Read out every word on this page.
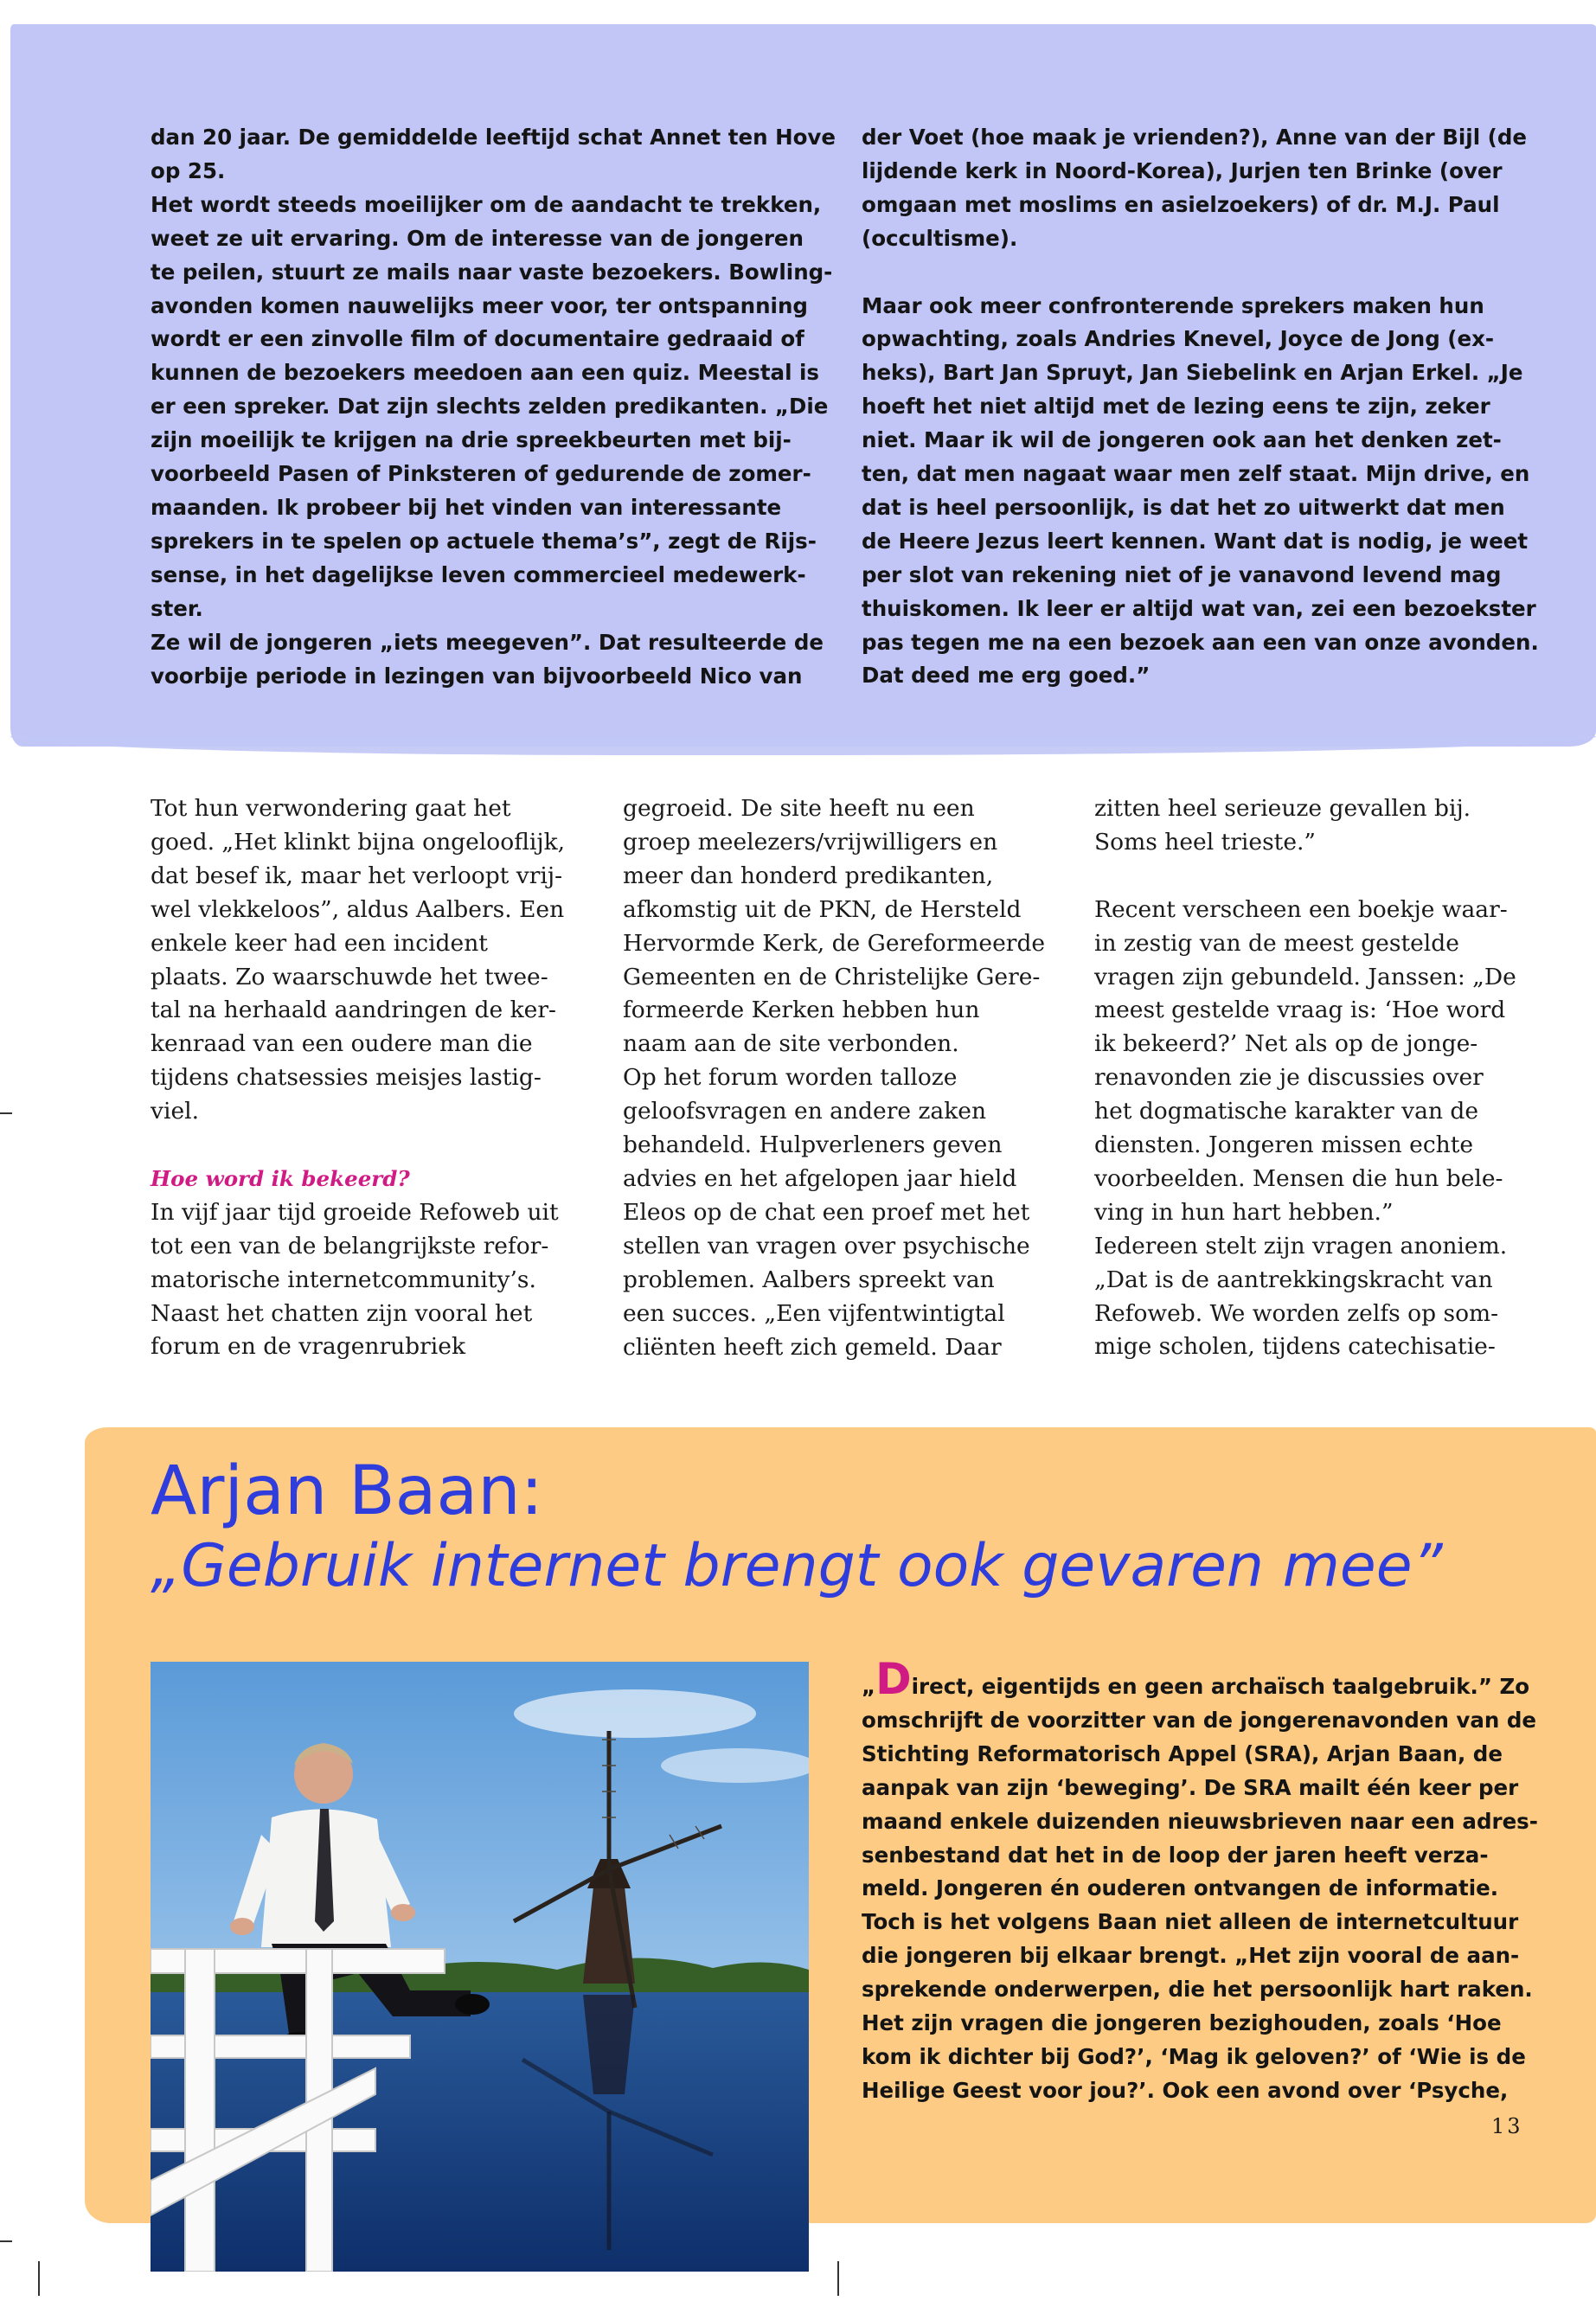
dan 20 jaar. De gemiddelde leeftijd schat Annet ten Hove

op 25.

Het wordt steeds moeilijker om de aandacht te trekken,

weet ze uit ervaring. Om de interesse van de jongeren

te peilen, stuurt ze mails naar vaste bezoekers. Bowling-

avonden komen nauwelijks meer voor, ter ontspanning

wordt er een zinvolle film of documentaire gedraaid of

kunnen de bezoekers meedoen aan een quiz. Meestal is

er een spreker. Dat zijn slechts zelden predikanten. „Die

zijn moeilijk te krijgen na drie spreekbeurten met bij-

voorbeeld Pasen of Pinksteren of gedurende de zomer-

maanden. Ik probeer bij het vinden van interessante

sprekers in te spelen op actuele thema’s”, zegt de Rijs-

sense, in het dagelijkse leven commercieel medewerk-

ster.

Ze wil de jongeren „iets meegeven”. Dat resulteerde de

voorbije periode in lezingen van bijvoorbeeld Nico van

der Voet (hoe maak je vrienden?), Anne van der Bijl (de

lijdende kerk in Noord-Korea), Jurjen ten Brinke (over

omgaan met moslims en asielzoekers) of dr. M.J. Paul

(occultisme).

Maar ook meer confronterende sprekers maken hun

opwachting, zoals Andries Knevel, Joyce de Jong (ex-

heks), Bart Jan Spruyt, Jan Siebelink en Arjan Erkel. „Je

hoeft het niet altijd met de lezing eens te zijn, zeker

niet. Maar ik wil de jongeren ook aan het denken zet-

ten, dat men nagaat waar men zelf staat. Mijn drive, en

dat is heel persoonlijk, is dat het zo uitwerkt dat men

de Heere Jezus leert kennen. Want dat is nodig, je weet

per slot van rekening niet of je vanavond levend mag

thuiskomen. Ik leer er altijd wat van, zei een bezoekster

pas tegen me na een bezoek aan een van onze avonden.

Dat deed me erg goed.”

Tot hun verwondering gaat het

goed. „Het klinkt bijna ongelooflijk,

dat besef ik, maar het verloopt vrij-

wel vlekkeloos”, aldus Aalbers. Een

enkele keer had een incident

plaats. Zo waarschuwde het twee-

tal na herhaald aandringen de ker-

kenraad van een oudere man die

tijdens chatsessies meisjes lastig-

viel.

Hoe word ik bekeerd?

In vijf jaar tijd groeide Refoweb uit

tot een van de belangrijkste refor-

matorische internetcommunity’s.

Naast het chatten zijn vooral het

forum en de vragenrubriek

gegroeid. De site heeft nu een

groep meelezers/vrijwilligers en

meer dan honderd predikanten,

afkomstig uit de PKN, de Hersteld

Hervormde Kerk, de Gereformeerde

Gemeenten en de Christelijke Gere-

formeerde Kerken hebben hun

naam aan de site verbonden.

Op het forum worden talloze

geloofsvragen en andere zaken

behandeld. Hulpverleners geven

advies en het afgelopen jaar hield

Eleos op de chat een proef met het

stellen van vragen over psychische

problemen. Aalbers spreekt van

een succes. „Een vijfentwintigtal

cliënten heeft zich gemeld. Daar

zitten heel serieuze gevallen bij.

Soms heel trieste.”

Recent verscheen een boekje waar-

in zestig van de meest gestelde

vragen zijn gebundeld. Janssen: „De

meest gestelde vraag is: ‘Hoe word

ik bekeerd?’ Net als op de jonge-

renavonden zie je discussies over

het dogmatische karakter van de

diensten. Jongeren missen echte

voorbeelden. Mensen die hun bele-

ving in hun hart hebben.”

Iedereen stelt zijn vragen anoniem.

„Dat is de aantrekkingskracht van

Refoweb. We worden zelfs op som-

mige scholen, tijdens catechisatie-

Arjan Baan:
„Gebruik internet brengt ook gevaren mee”

„Direct, eigentijds en geen archaïsch taalgebruik.” Zo

omschrijft de voorzitter van de jongerenavonden van de

Stichting Reformatorisch Appel (SRA), Arjan Baan, de

aanpak van zijn ‘beweging’. De SRA mailt één keer per

maand enkele duizenden nieuwsbrieven naar een adres-

senbestand dat het in de loop der jaren heeft verza-

meld. Jongeren én ouderen ontvangen de informatie.

Toch is het volgens Baan niet alleen de internetcultuur

die jongeren bij elkaar brengt. „Het zijn vooral de aan-

sprekende onderwerpen, die het persoonlijk hart raken.

Het zijn vragen die jongeren bezighouden, zoals ‘Hoe

kom ik dichter bij God?’, ‘Mag ik geloven?’ of ‘Wie is de

Heilige Geest voor jou?’. Ook een avond over ‘Psyche,

13
